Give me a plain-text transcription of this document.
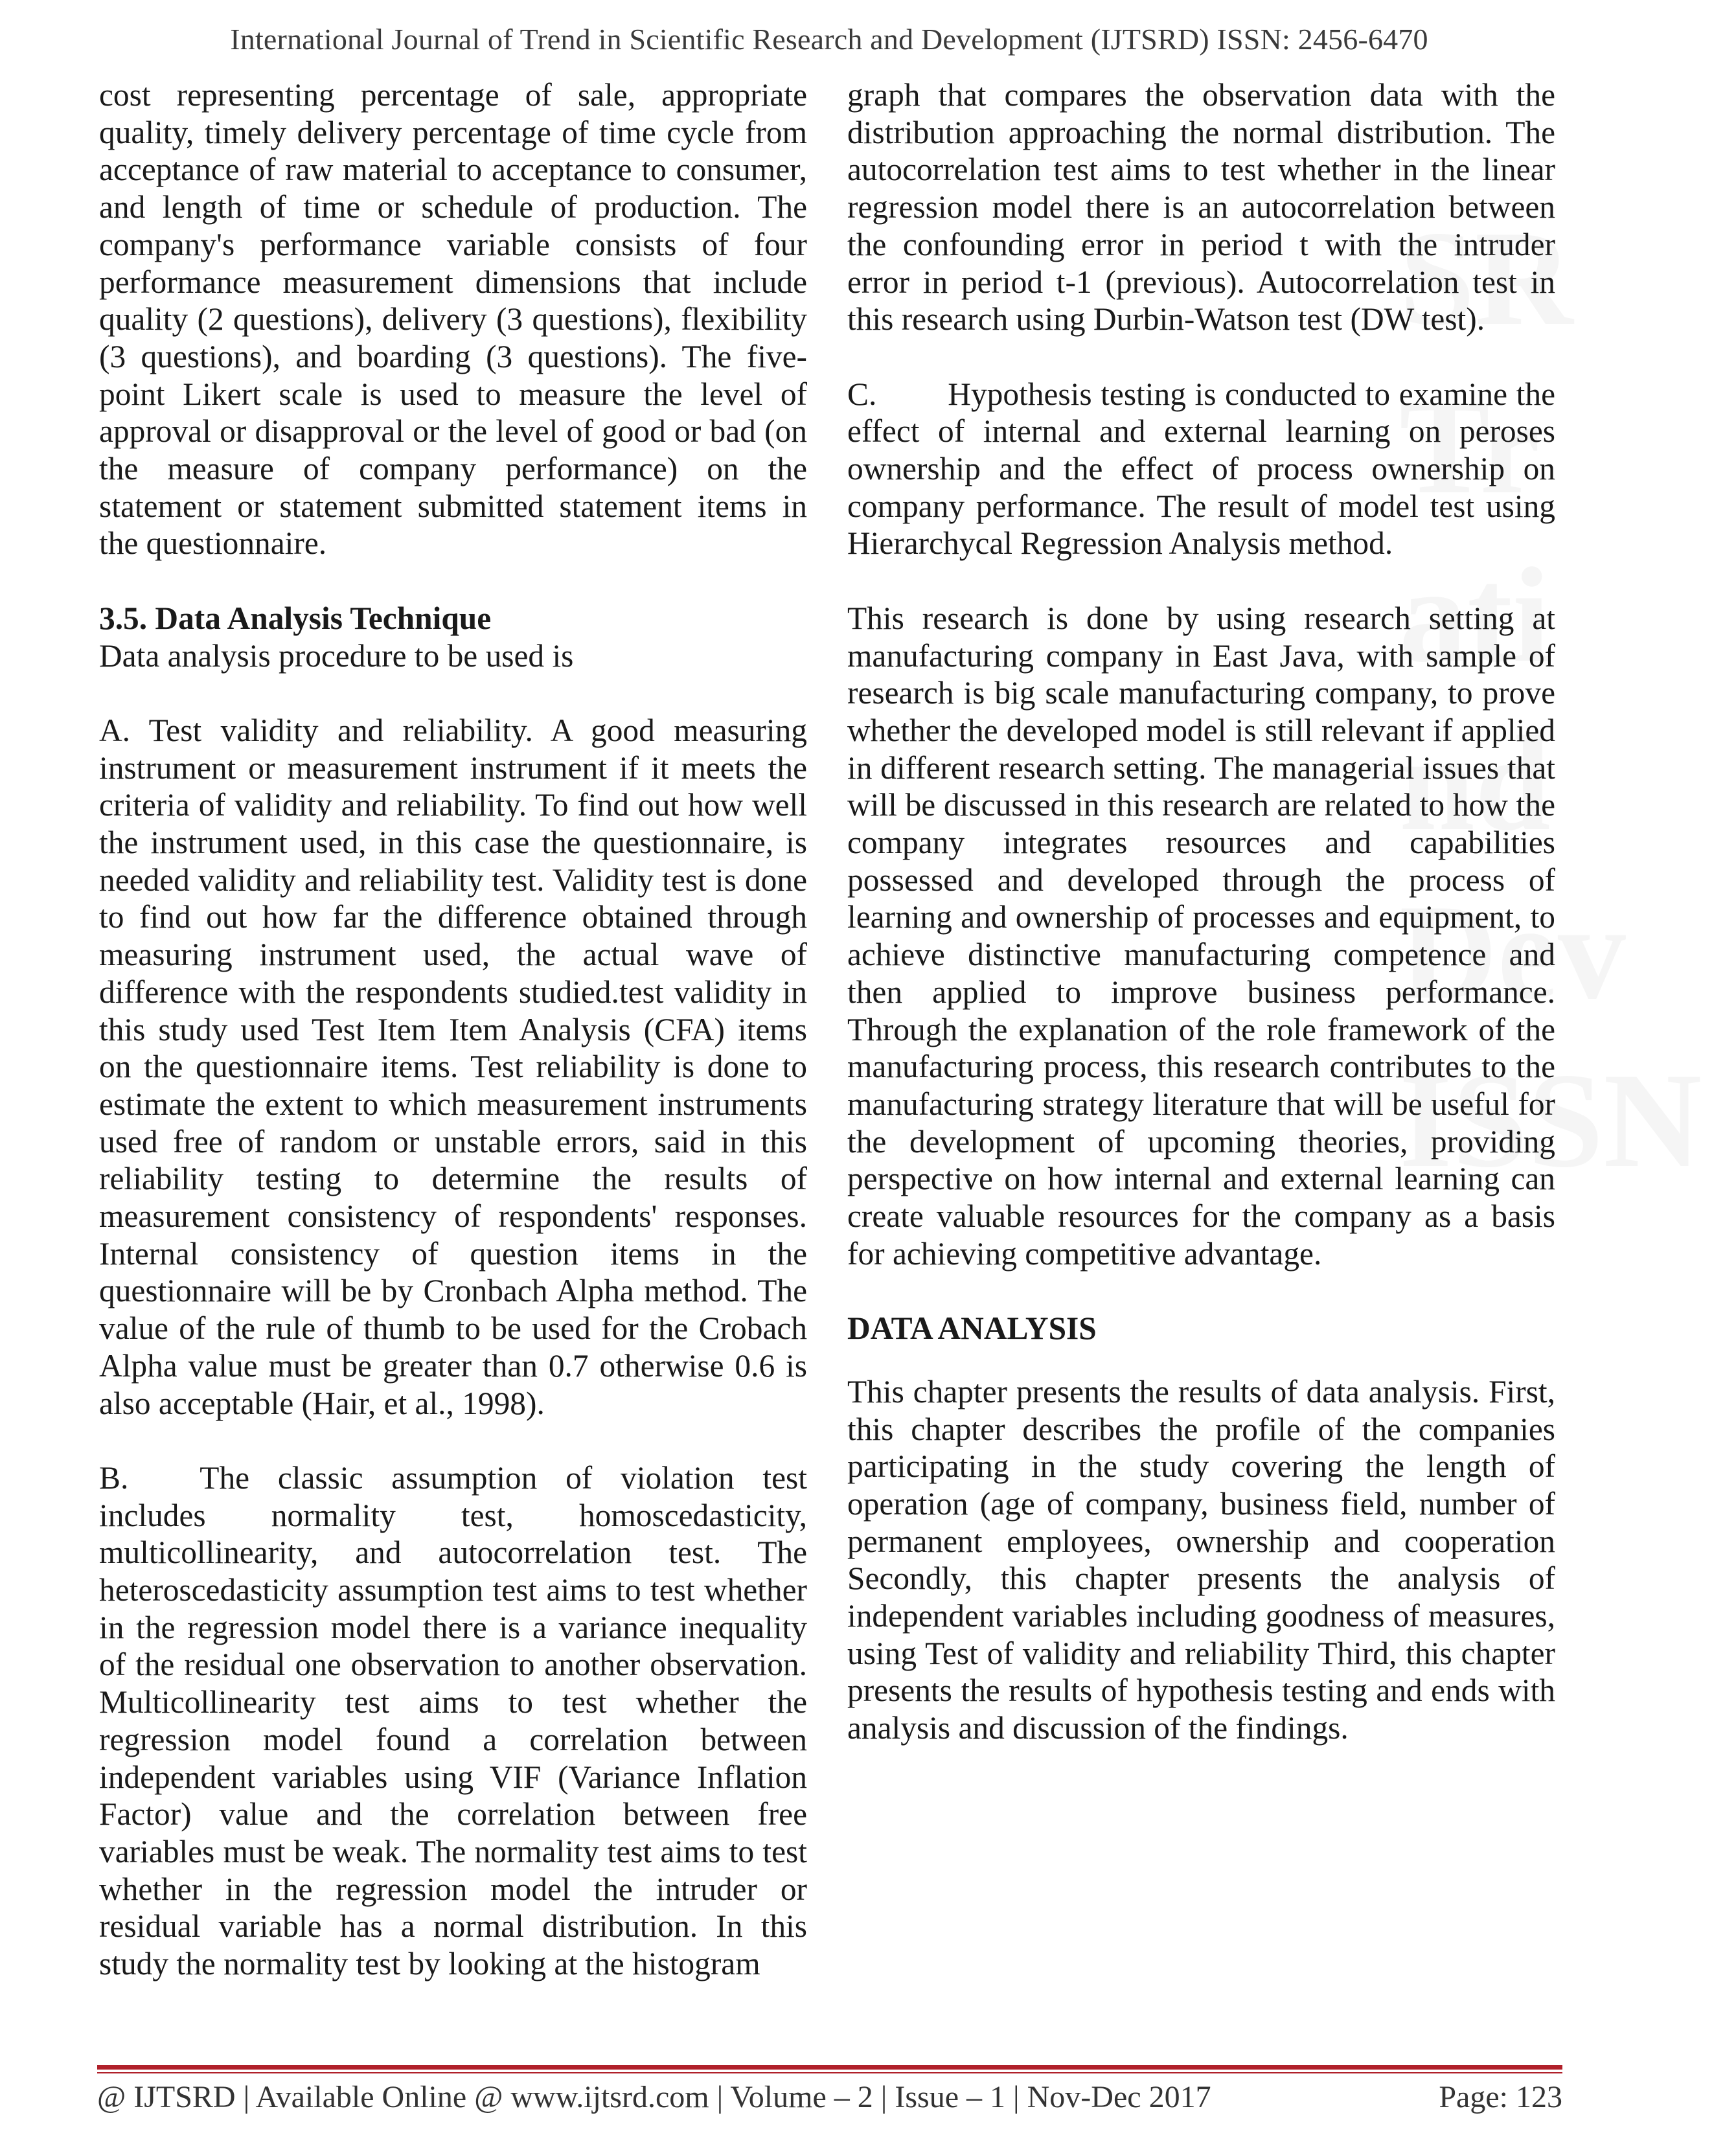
SR
Tr
ati
nd
Dev
ISSN
International Journal of Trend in Scientific Research and Development (IJTSRD) ISSN: 2456-6470

cost representing percentage of sale, appropriate quality, timely delivery percentage of time cycle from acceptance of raw material to acceptance to consumer, and length of time or schedule of production. The company's performance variable consists of four performance measurement dimensions that include quality (2 questions), delivery (3 questions), flexibility (3 questions), and boarding (3 questions). The five-point Likert scale is used to measure the level of approval or disapproval or the level of good or bad (on the measure of company performance) on the statement or statement submitted statement items in the questionnaire.

3.5. Data Analysis Technique

Data analysis procedure to be used is

A. Test validity and reliability. A good measuring instrument or measurement instrument if it meets the criteria of validity and reliability. To find out how well the instrument used, in this case the questionnaire, is needed validity and reliability test. Validity test is done to find out how far the difference obtained through measuring instrument used, the actual wave of difference with the respondents studied.test validity in this study used Test Item Item Analysis (CFA) items on the questionnaire items. Test reliability is done to estimate the extent to which measurement instruments used free of random or unstable errors, said in this reliability testing to determine the results of measurement consistency of respondents' responses. Internal consistency of question items in the questionnaire will be by Cronbach Alpha method. The value of the rule of thumb to be used for the Crobach Alpha value must be greater than 0.7 otherwise 0.6 is also acceptable (Hair, et al., 1998).

B. The classic assumption of violation test includes normality test, homoscedasticity, multicollinearity, and autocorrelation test. The heteroscedasticity assumption test aims to test whether in the regression model there is a variance inequality of the residual one observation to another observation. Multicollinearity test aims to test whether the regression model found a correlation between independent variables using VIF (Variance Inflation Factor) value and the correlation between free variables must be weak. The normality test aims to test whether in the regression model the intruder or residual variable has a normal distribution. In this study the normality test by looking at the histogram

graph that compares the observation data with the distribution approaching the normal distribution. The autocorrelation test aims to test whether in the linear regression model there is an autocorrelation between the confounding error in period t with the intruder error in period t-1 (previous). Autocorrelation test in this research using Durbin-Watson test (DW test).

C. Hypothesis testing is conducted to examine the effect of internal and external learning on peroses ownership and the effect of process ownership on company performance. The result of model test using Hierarchycal Regression Analysis method.

This research is done by using research setting at manufacturing company in East Java, with sample of research is big scale manufacturing company, to prove whether the developed model is still relevant if applied in different research setting. The managerial issues that will be discussed in this research are related to how the company integrates resources and capabilities possessed and developed through the process of learning and ownership of processes and equipment, to achieve distinctive manufacturing competence and then applied to improve business performance. Through the explanation of the role framework of the manufacturing process, this research contributes to the manufacturing strategy literature that will be useful for the development of upcoming theories, providing perspective on how internal and external learning can create valuable resources for the company as a basis for achieving competitive advantage.

DATA ANALYSIS

This chapter presents the results of data analysis. First, this chapter describes the profile of the companies participating in the study covering the length of operation (age of company, business field, number of permanent employees, ownership and cooperation Secondly, this chapter presents the analysis of independent variables including goodness of measures, using Test of validity and reliability Third, this chapter presents the results of hypothesis testing and ends with analysis and discussion of the findings.

@ IJTSRD | Available Online @ www.ijtsrd.com | Volume – 2 | Issue – 1 | Nov-Dec 2017	Page: 123
